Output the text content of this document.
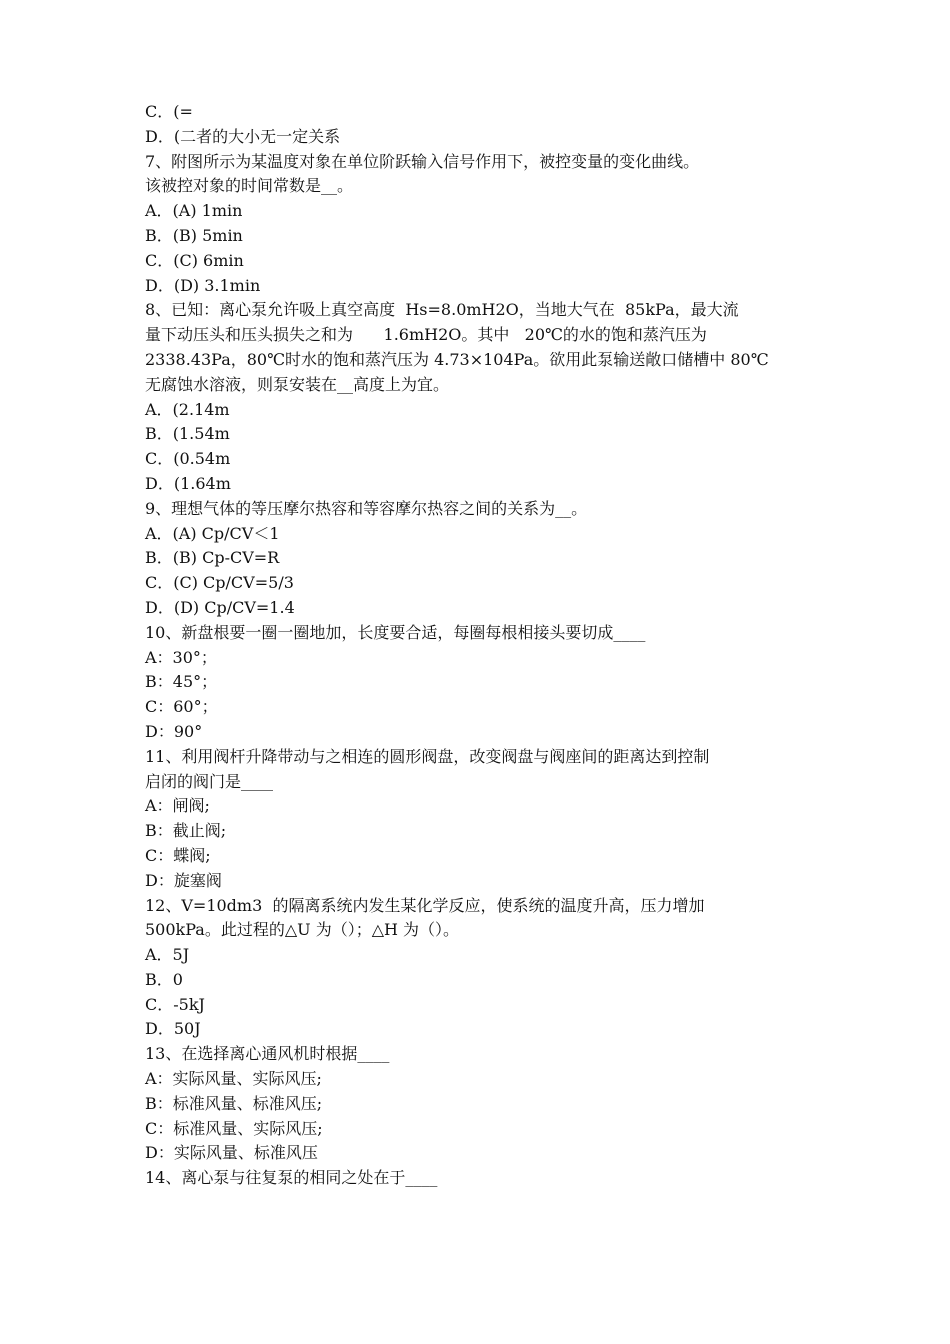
C．(=
D．(二者的大小无一定关系
7、附图所示为某温度对象在单位阶跃输入信号作用下，被控变量的变化曲线。
该被控对象的时间常数是__。
A．(A) 1min
B．(B) 5min
C．(C) 6min
D．(D) 3.1min
8、已知：离心泵允许吸上真空高度  Hs=8.0mH2O，当地大气在  85kPa，最大流
量下动压头和压头损失之和为      1.6mH2O。其中   20℃的水的饱和蒸汽压为
2338.43Pa，80℃时水的饱和蒸汽压为 4.73×104Pa。欲用此泵输送敞口储槽中 80℃
无腐蚀水溶液，则泵安装在__高度上为宜。
A．(2.14m
B．(1.54m
C．(0.54m
D．(1.64m
9、理想气体的等压摩尔热容和等容摩尔热容之间的关系为__。
A．(A) Cp/CV＜1
B．(B) Cp-CV=R
C．(C) Cp/CV=5/3
D．(D) Cp/CV=1.4
10、新盘根要一圈一圈地加，长度要合适，每圈每根相接头要切成____
A：30°；
B：45°；
C：60°；
D：90°
11、利用阀杆升降带动与之相连的圆形阀盘，改变阀盘与阀座间的距离达到控制
启闭的阀门是____
A：闸阀;
B：截止阀;
C：蝶阀;
D：旋塞阀
12、V=10dm3  的隔离系统内发生某化学反应，使系统的温度升高，压力增加
500kPa。此过程的△U 为（）；△H 为（）。
A．5J
B．0
C．-5kJ
D．50J
13、在选择离心通风机时根据____
A：实际风量、实际风压;
B：标准风量、标准风压;
C：标准风量、实际风压;
D：实际风量、标准风压
14、离心泵与往复泵的相同之处在于____
